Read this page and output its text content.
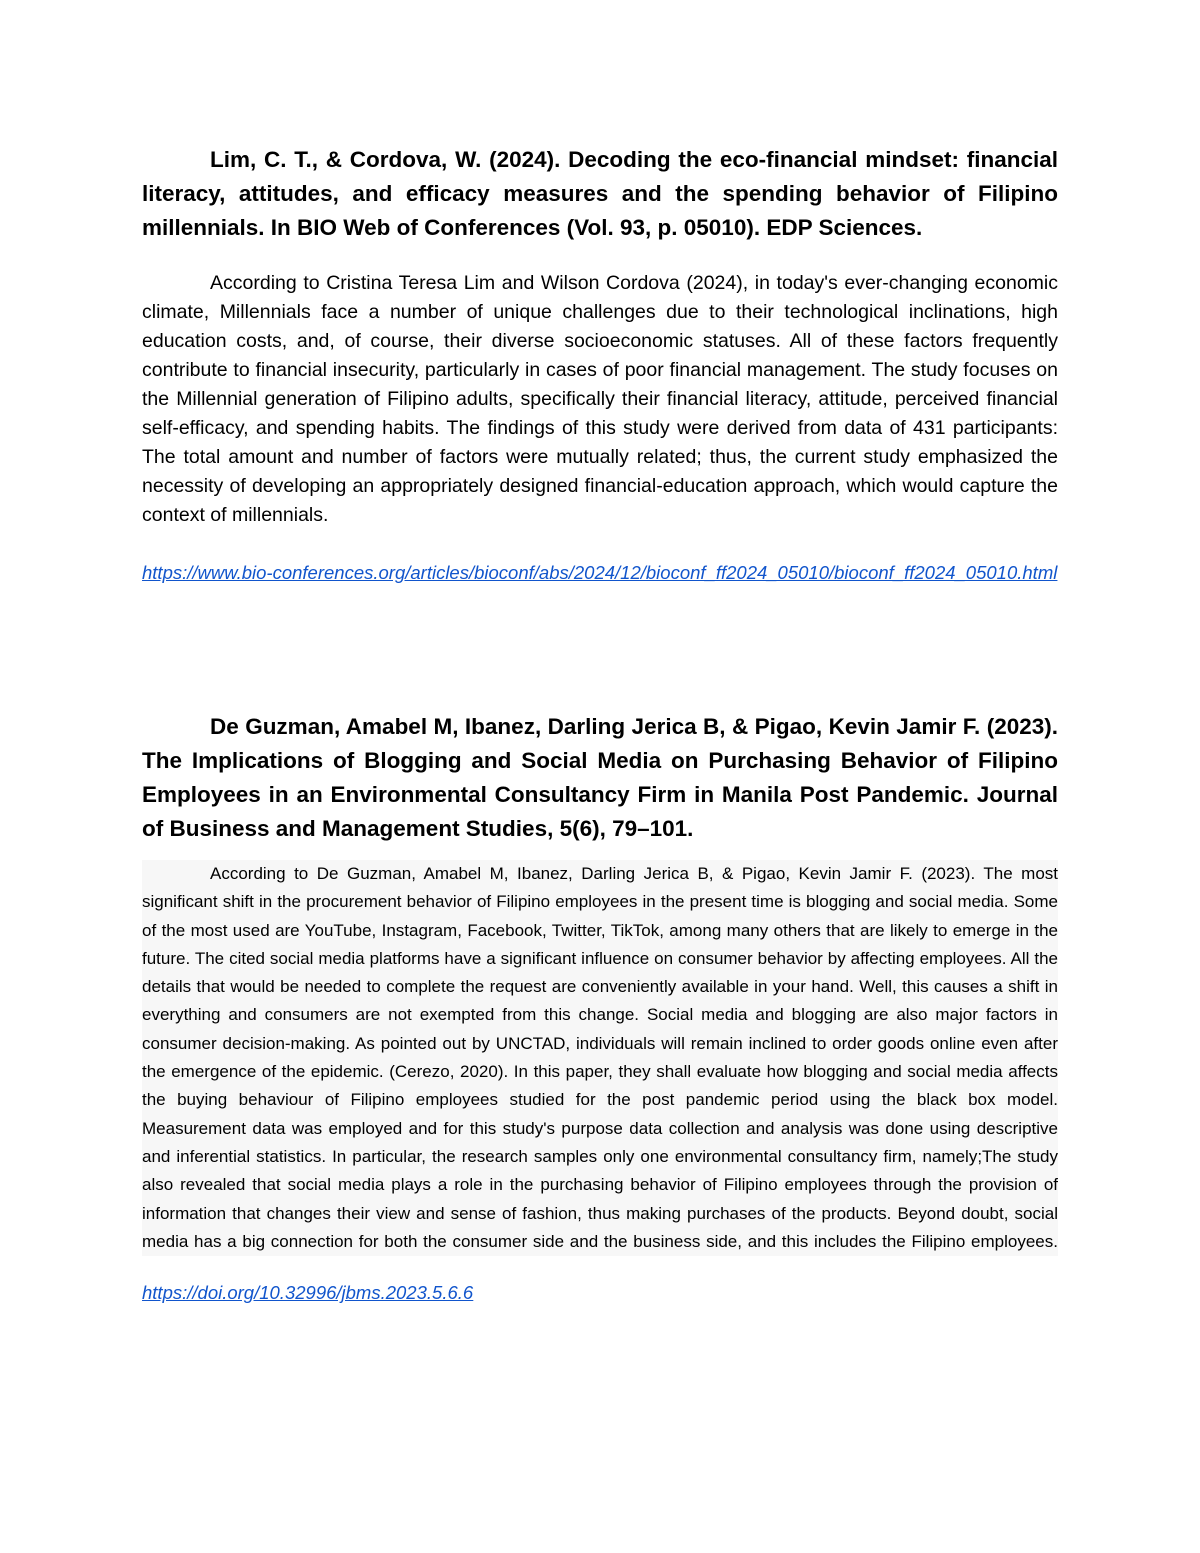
Lim, C. T., & Cordova, W. (2024). Decoding the eco-financial mindset: financial literacy, attitudes, and efficacy measures and the spending behavior of Filipino millennials. In BIO Web of Conferences (Vol. 93, p. 05010). EDP Sciences.

According to Cristina Teresa Lim and Wilson Cordova (2024), in today's ever-changing economic climate, Millennials face a number of unique challenges due to their technological inclinations, high education costs, and, of course, their diverse socioeconomic statuses. All of these factors frequently contribute to financial insecurity, particularly in cases of poor financial management. The study focuses on the Millennial generation of Filipino adults, specifically their financial literacy, attitude, perceived financial self-efficacy, and spending habits. The findings of this study were derived from data of 431 participants: The total amount and number of factors were mutually related; thus, the current study emphasized the necessity of developing an appropriately designed financial-education approach, which would capture the context of millennials.

https://www.bio-conferences.org/articles/bioconf/abs/2024/12/bioconf_ff2024_05010/bioconf_ff2024_05010.html

De Guzman, Amabel M, Ibanez, Darling Jerica B, & Pigao, Kevin Jamir F. (2023). The Implications of Blogging and Social Media on Purchasing Behavior of Filipino Employees in an Environmental Consultancy Firm in Manila Post Pandemic. Journal of Business and Management Studies, 5(6), 79–101.

According to De Guzman, Amabel M, Ibanez, Darling Jerica B, & Pigao, Kevin Jamir F. (2023). The most significant shift in the procurement behavior of Filipino employees in the present time is blogging and social media. Some of the most used are YouTube, Instagram, Facebook, Twitter, TikTok, among many others that are likely to emerge in the future. The cited social media platforms have a significant influence on consumer behavior by affecting employees. All the details that would be needed to complete the request are conveniently available in your hand. Well, this causes a shift in everything and consumers are not exempted from this change. Social media and blogging are also major factors in consumer decision-making. As pointed out by UNCTAD, individuals will remain inclined to order goods online even after the emergence of the epidemic. (Cerezo, 2020). In this paper, they shall evaluate how blogging and social media affects the buying behaviour of Filipino employees studied for the post pandemic period using the black box model. Measurement data was employed and for this study's purpose data collection and analysis was done using descriptive and inferential statistics. In particular, the research samples only one environmental consultancy firm, namely;The study also revealed that social media plays a role in the purchasing behavior of Filipino employees through the provision of information that changes their view and sense of fashion, thus making purchases of the products. Beyond doubt, social media has a big connection for both the consumer side and the business side, and this includes the Filipino employees.

https://doi.org/10.32996/jbms.2023.5.6.6
